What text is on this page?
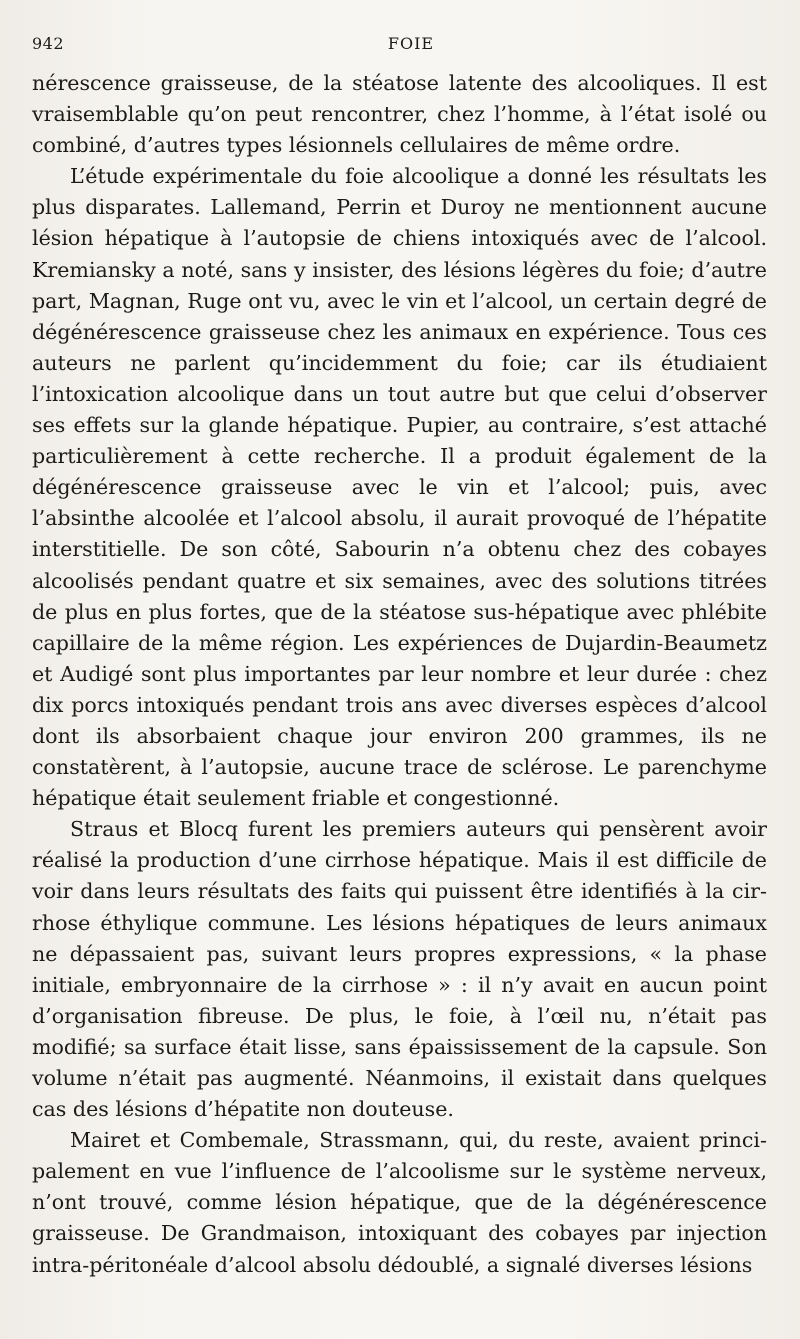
942	FOIE

nérescence graisseuse, de la stéatose latente des alcooliques. Il est vraisemblable qu’on peut rencontrer, chez l’homme, à l’état isolé ou combiné, d’autres types lésionnels cellulaires de même ordre.

L’étude expérimentale du foie alcoolique a donné les résultats les plus disparates. Lallemand, Perrin et Duroy ne mentionnent aucune lésion hépatique à l’autopsie de chiens intoxiqués avec de l’alcool. Kremiansky a noté, sans y insister, des lésions légères du foie; d’autre part, Magnan, Ruge ont vu, avec le vin et l’alcool, un certain degré de dégénérescence graisseuse chez les animaux en expérience. Tous ces auteurs ne parlent qu’incidemment du foie; car ils étudiaient l’intoxication alcoolique dans un tout autre but que celui d’observer ses effets sur la glande hépatique. Pupier, au contraire, s’est attaché particulièrement à cette recherche. Il a produit également de la dégénérescence graisseuse avec le vin et l’alcool; puis, avec l’absinthe alcoolée et l’alcool absolu, il aurait provoqué de l’hépatite interstitielle. De son côté, Sabourin n’a obtenu chez des cobayes alcoolisés pendant quatre et six semaines, avec des solutions titrées de plus en plus fortes, que de la stéatose sus-hépatique avec phlébite capillaire de la même région. Les expériences de Dujardin-Beaumetz et Audigé sont plus importantes par leur nombre et leur durée : chez dix porcs intoxiqués pendant trois ans avec diverses espèces d’alcool dont ils absorbaient chaque jour environ 200 grammes, ils ne constatèrent, à l’autopsie, aucune trace de sclérose. Le parenchyme hépatique était seulement friable et congestionné.

Straus et Blocq furent les premiers auteurs qui pensèrent avoir réalisé la production d’une cirrhose hépatique. Mais il est difficile de voir dans leurs résultats des faits qui puissent être identifiés à la cirrhose éthylique commune. Les lésions hépatiques de leurs animaux ne dépassaient pas, suivant leurs propres expressions, « la phase initiale, embryonnaire de la cirrhose » : il n’y avait en aucun point d’organisation fibreuse. De plus, le foie, à l’œil nu, n’était pas modifié; sa surface était lisse, sans épaississement de la capsule. Son volume n’était pas augmenté. Néanmoins, il existait dans quelques cas des lésions d’hépatite non douteuse.

Mairet et Combemale, Strassmann, qui, du reste, avaient principalement en vue l’influence de l’alcoolisme sur le système nerveux, n’ont trouvé, comme lésion hépatique, que de la dégénérescence graisseuse. De Grandmaison, intoxiquant des cobayes par injection intra-péritonéale d’alcool absolu dédoublé, a signalé diverses lésions
